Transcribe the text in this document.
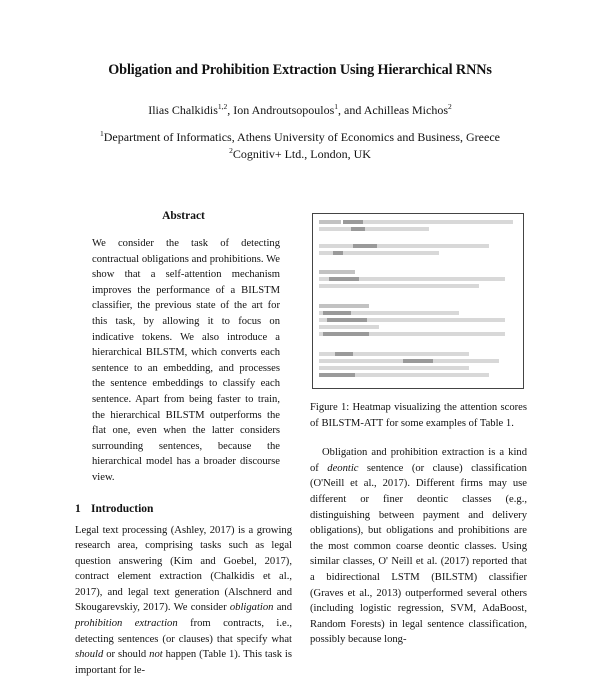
Obligation and Prohibition Extraction Using Hierarchical RNNs
Ilias Chalkidis$^{1,2}$, Ion Androutsopoulos$^1$, and Achilleas Michos$^2$
$^1$Department of Informatics, Athens University of Economics and Business, Greece
$^2$Cognitiv+ Ltd., London, UK
Abstract

We consider the task of detecting contractual obligations and prohibitions. We show that a self-attention mechanism improves the performance of a BILSTM classifier, the previous state of the art for this task, by allowing it to focus on indicative tokens. We also introduce a hierarchical BILSTM, which converts each sentence to an embedding, and processes the sentence embeddings to classify each sentence. Apart from being faster to train, the hierarchical BILSTM outperforms the flat one, even when the latter considers surrounding sentences, because the hierarchical model has a broader discourse view.

1 Introduction

Legal text processing (Ashley, 2017) is a growing research area, comprising tasks such as legal question answering (Kim and Goebel, 2017), contract element extraction (Chalkidis et al., 2017), and legal text generation (Alschnerd and Skougarevskiy, 2017). We consider obligation and prohibition extraction from contracts, i.e., detecting sentences (or clauses) that specify what should or should not happen (Table 1). This task is important for le-

Figure 1: Heatmap visualizing the attention scores of BILSTM-ATT for some examples of Table 1.

Obligation and prohibition extraction is a kind of deontic sentence (or clause) classification (O'Neill et al., 2017). Different firms may use different or finer deontic classes (e.g., distinguishing between payment and delivery obligations), but obligations and prohibitions are the most common coarse deontic classes. Using similar classes, O' Neill et al. (2017) reported that a bidirectional LSTM (BILSTM) classifier (Graves et al., 2013) outperformed several others (including logistic regression, SVM, AdaBoost, Random Forests) in legal sentence classification, possibly because long-
